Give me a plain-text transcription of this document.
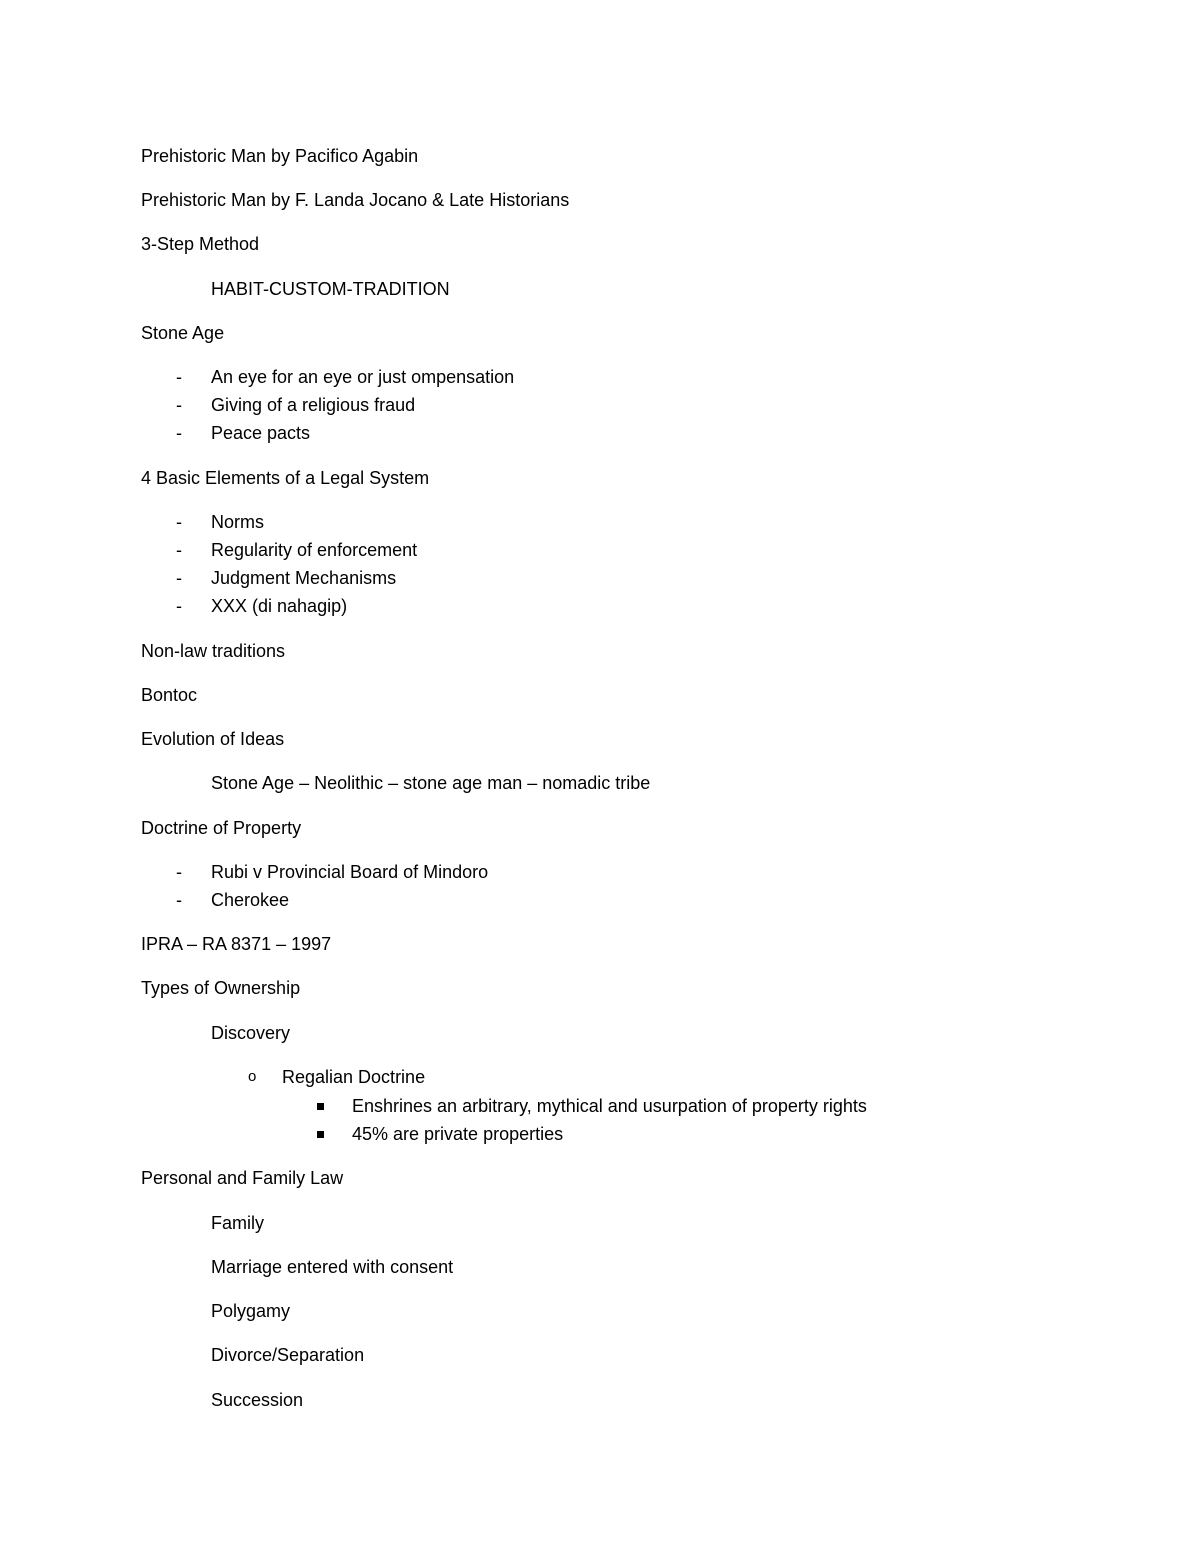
Prehistoric Man by Pacifico Agabin
Prehistoric Man by F. Landa Jocano & Late Historians
3-Step Method
HABIT-CUSTOM-TRADITION
Stone Age
- An eye for an eye or just ompensation
- Giving of a religious fraud
- Peace pacts
4 Basic Elements of a Legal System
- Norms
- Regularity of enforcement
- Judgment Mechanisms
- XXX (di nahagip)
Non-law traditions
Bontoc
Evolution of Ideas
Stone Age – Neolithic – stone age man – nomadic tribe
Doctrine of Property
- Rubi v Provincial Board of Mindoro
- Cherokee
IPRA – RA 8371 – 1997
Types of Ownership
Discovery
o Regalian Doctrine
Enshrines an arbitrary, mythical and usurpation of property rights
45% are private properties
Personal and Family Law
Family
Marriage entered with consent
Polygamy
Divorce/Separation
Succession
